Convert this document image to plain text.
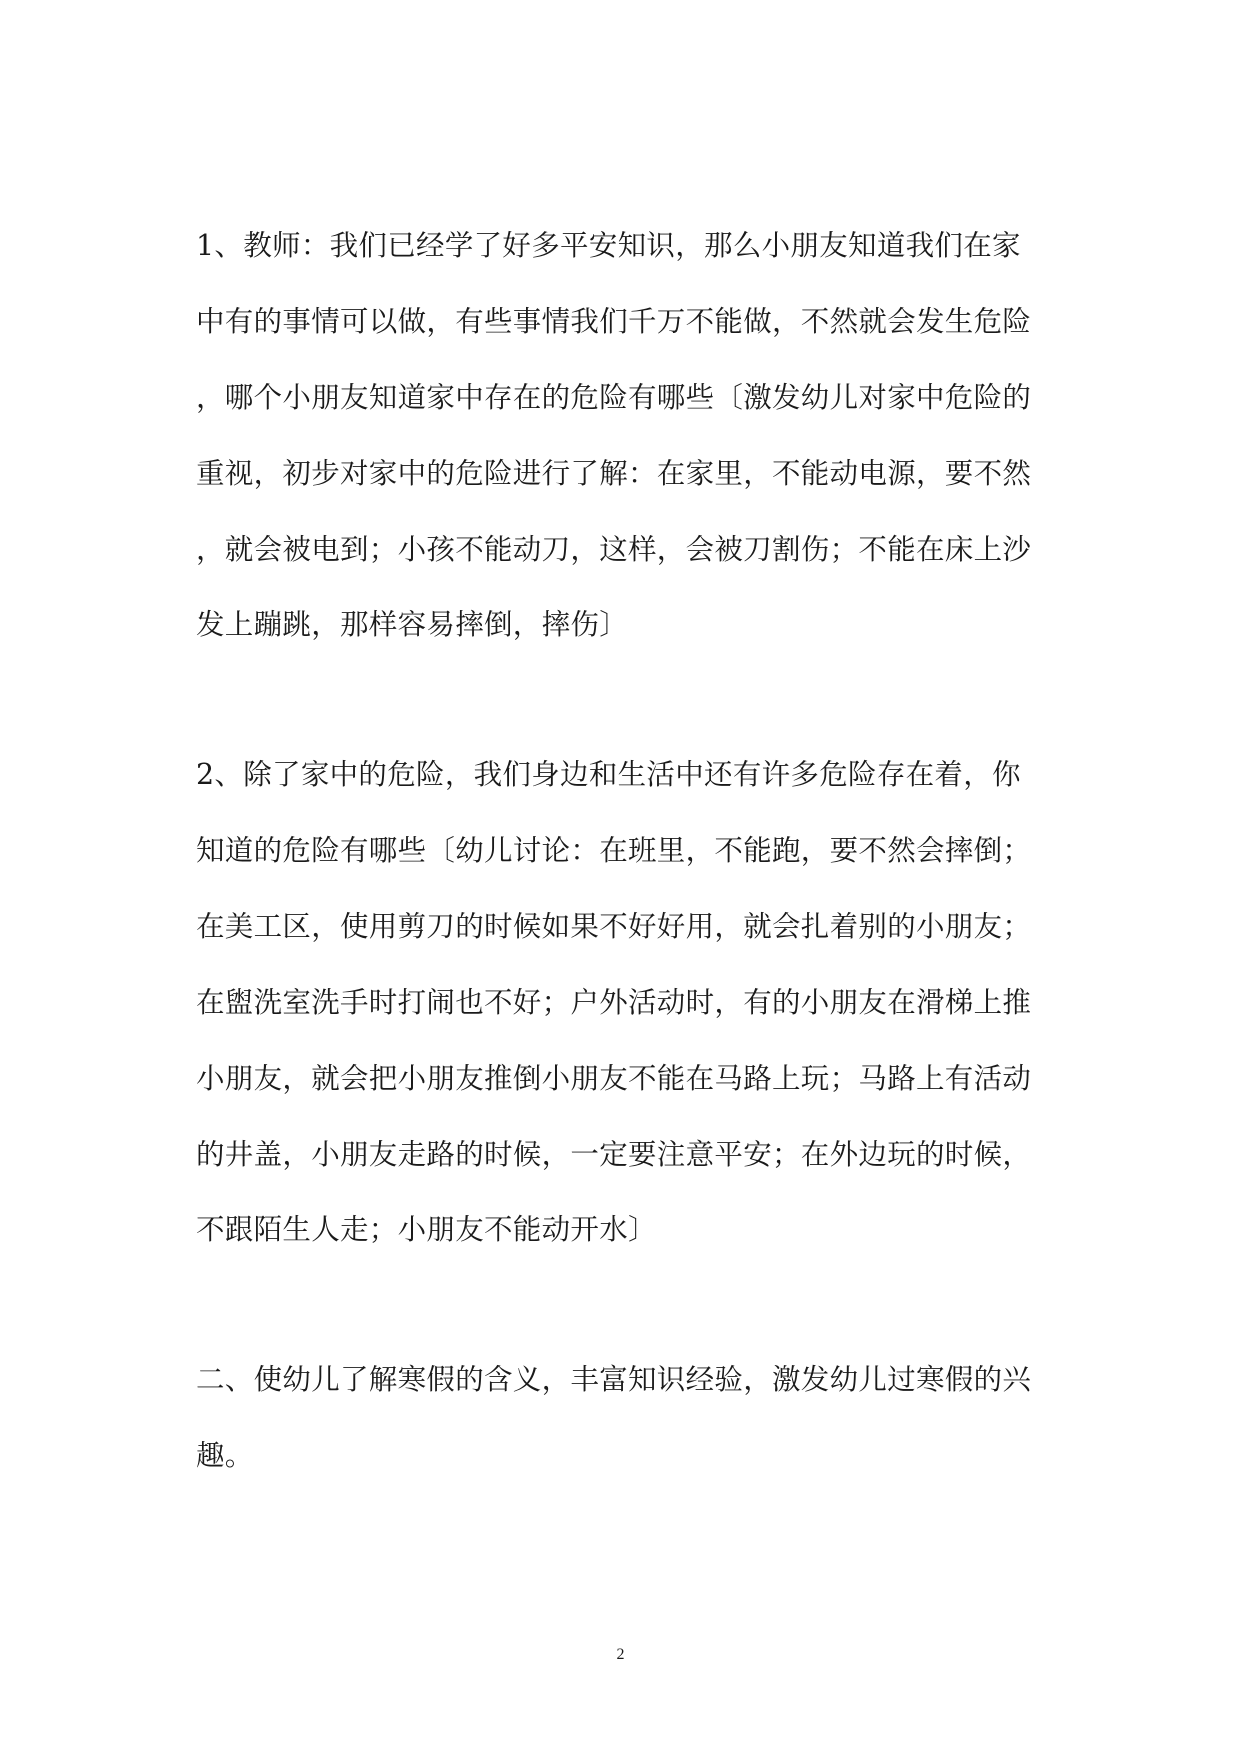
1、教师：我们已经学了好多平安知识，那么小朋友知道我们在家
中有的事情可以做，有些事情我们千万不能做，不然就会发生危险
，哪个小朋友知道家中存在的危险有哪些〔激发幼儿对家中危险的
重视，初步对家中的危险进行了解：在家里，不能动电源，要不然
，就会被电到；小孩不能动刀，这样，会被刀割伤；不能在床上沙
发上蹦跳，那样容易摔倒，摔伤〕
2、除了家中的危险，我们身边和生活中还有许多危险存在着，你
知道的危险有哪些〔幼儿讨论：在班里，不能跑，要不然会摔倒；
在美工区，使用剪刀的时候如果不好好用，就会扎着别的小朋友；
在盥洗室洗手时打闹也不好；户外活动时，有的小朋友在滑梯上推
小朋友，就会把小朋友推倒小朋友不能在马路上玩；马路上有活动
的井盖，小朋友走路的时候，一定要注意平安；在外边玩的时候，
不跟陌生人走；小朋友不能动开水〕
二、使幼儿了解寒假的含义，丰富知识经验，激发幼儿过寒假的兴
趣。
2
